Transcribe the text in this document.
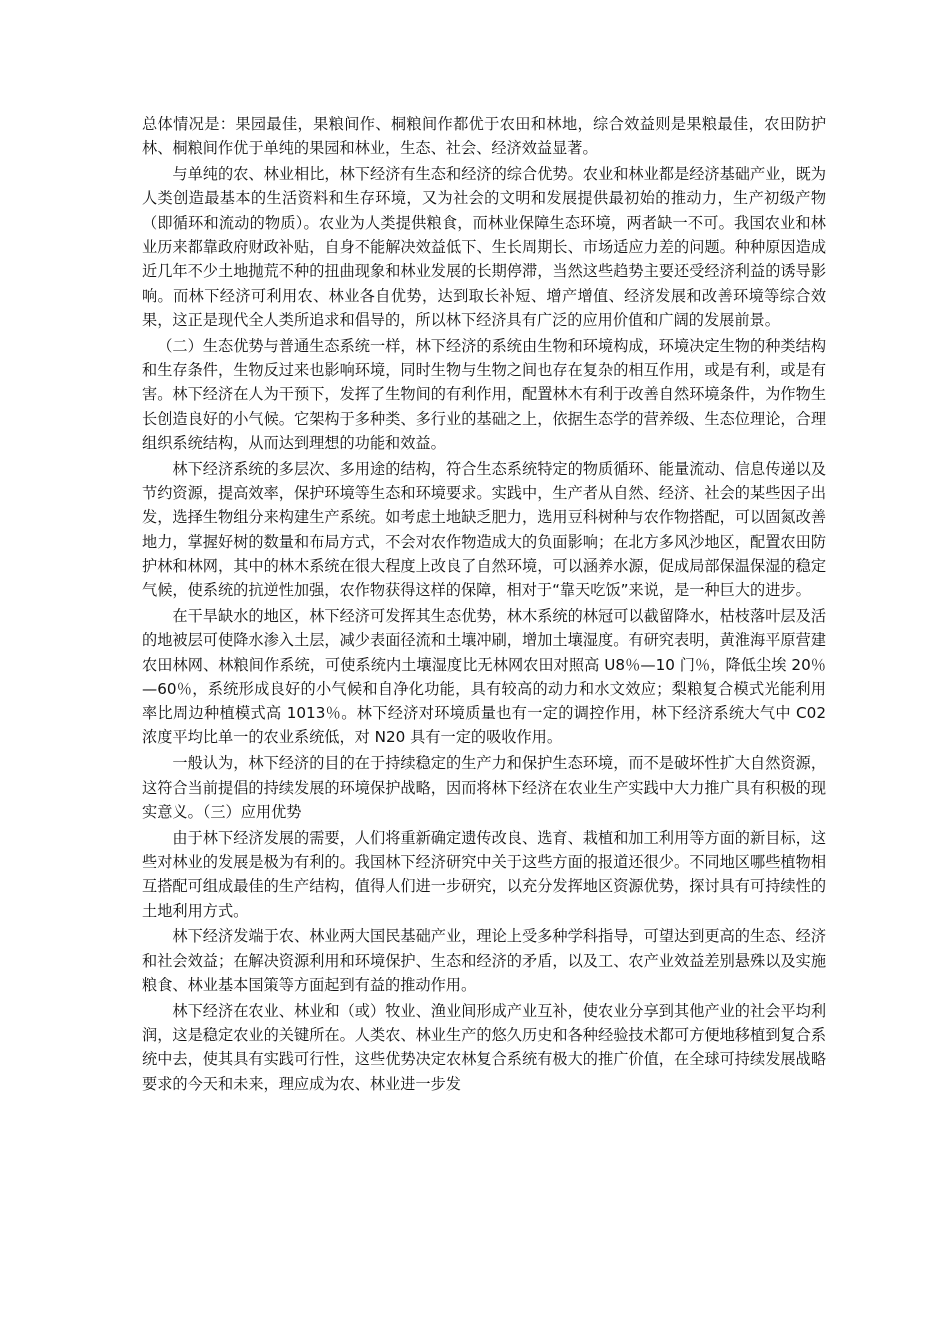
总体情况是：果园最佳，果粮间作、桐粮间作都优于农田和林地，综合效益则是果粮最佳，农田防护林、桐粮间作优于单纯的果园和林业，生态、社会、经济效益显著。

与单纯的农、林业相比，林下经济有生态和经济的综合优势。农业和林业都是经济基础产业，既为人类创造最基本的生活资料和生存环境，又为社会的文明和发展提供最初始的推动力，生产初级产物（即循环和流动的物质）。农业为人类提供粮食，而林业保障生态环境，两者缺一不可。我国农业和林业历来都靠政府财政补贴，自身不能解决效益低下、生长周期长、市场适应力差的问题。种种原因造成近几年不少土地抛荒不种的扭曲现象和林业发展的长期停滞，当然这些趋势主要还受经济利益的诱导影响。而林下经济可利用农、林业各自优势，达到取长补短、增产增值、经济发展和改善环境等综合效果，这正是现代全人类所追求和倡导的，所以林下经济具有广泛的应用价值和广阔的发展前景。

（二）生态优势与普通生态系统一样，林下经济的系统由生物和环境构成，环境决定生物的种类结构和生存条件，生物反过来也影响环境，同时生物与生物之间也存在复杂的相互作用，或是有利，或是有害。林下经济在人为干预下，发挥了生物间的有利作用，配置林木有利于改善自然环境条件，为作物生长创造良好的小气候。它架构于多种类、多行业的基础之上，依据生态学的营养级、生态位理论，合理组织系统结构，从而达到理想的功能和效益。

林下经济系统的多层次、多用途的结构，符合生态系统特定的物质循环、能量流动、信息传递以及节约资源，提高效率，保护环境等生态和环境要求。实践中，生产者从自然、经济、社会的某些因子出发，选择生物组分来构建生产系统。如考虑土地缺乏肥力，选用豆科树种与农作物搭配，可以固氮改善地力，掌握好树的数量和布局方式，不会对农作物造成大的负面影响；在北方多风沙地区，配置农田防护林和林网，其中的林木系统在很大程度上改良了自然环境，可以涵养水源，促成局部保温保湿的稳定气候，使系统的抗逆性加强，农作物获得这样的保障，相对于“靠天吃饭”来说，是一种巨大的进步。

在干旱缺水的地区，林下经济可发挥其生态优势，林木系统的林冠可以截留降水，枯枝落叶层及活的地被层可使降水渗入土层，减少表面径流和土壤冲刷，增加土壤湿度。有研究表明，黄淮海平原营建农田林网、林粮间作系统，可使系统内土壤湿度比无林网农田对照高 U8％—10 门％，降低尘埃 20％—60％，系统形成良好的小气候和自净化功能，具有较高的动力和水文效应；梨粮复合模式光能利用率比周边种植模式高 1013％。林下经济对环境质量也有一定的调控作用，林下经济系统大气中 C02 浓度平均比单一的农业系统低，对 N20 具有一定的吸收作用。

一般认为，林下经济的目的在于持续稳定的生产力和保护生态环境，而不是破坏性扩大自然资源，这符合当前提倡的持续发展的环境保护战略，因而将林下经济在农业生产实践中大力推广具有积极的现实意义。（三）应用优势

由于林下经济发展的需要，人们将重新确定遗传改良、选育、栽植和加工利用等方面的新目标，这些对林业的发展是极为有利的。我国林下经济研究中关于这些方面的报道还很少。不同地区哪些植物相互搭配可组成最佳的生产结构，值得人们进一步研究，以充分发挥地区资源优势，探讨具有可持续性的土地利用方式。

林下经济发端于农、林业两大国民基础产业，理论上受多种学科指导，可望达到更高的生态、经济和社会效益；在解决资源利用和环境保护、生态和经济的矛盾，以及工、农产业效益差别悬殊以及实施粮食、林业基本国策等方面起到有益的推动作用。

林下经济在农业、林业和（或）牧业、渔业间形成产业互补，使农业分享到其他产业的社会平均利润，这是稳定农业的关键所在。人类农、林业生产的悠久历史和各种经验技术都可方便地移植到复合系统中去，使其具有实践可行性，这些优势决定农林复合系统有极大的推广价值，在全球可持续发展战略要求的今天和未来，理应成为农、林业进一步发
